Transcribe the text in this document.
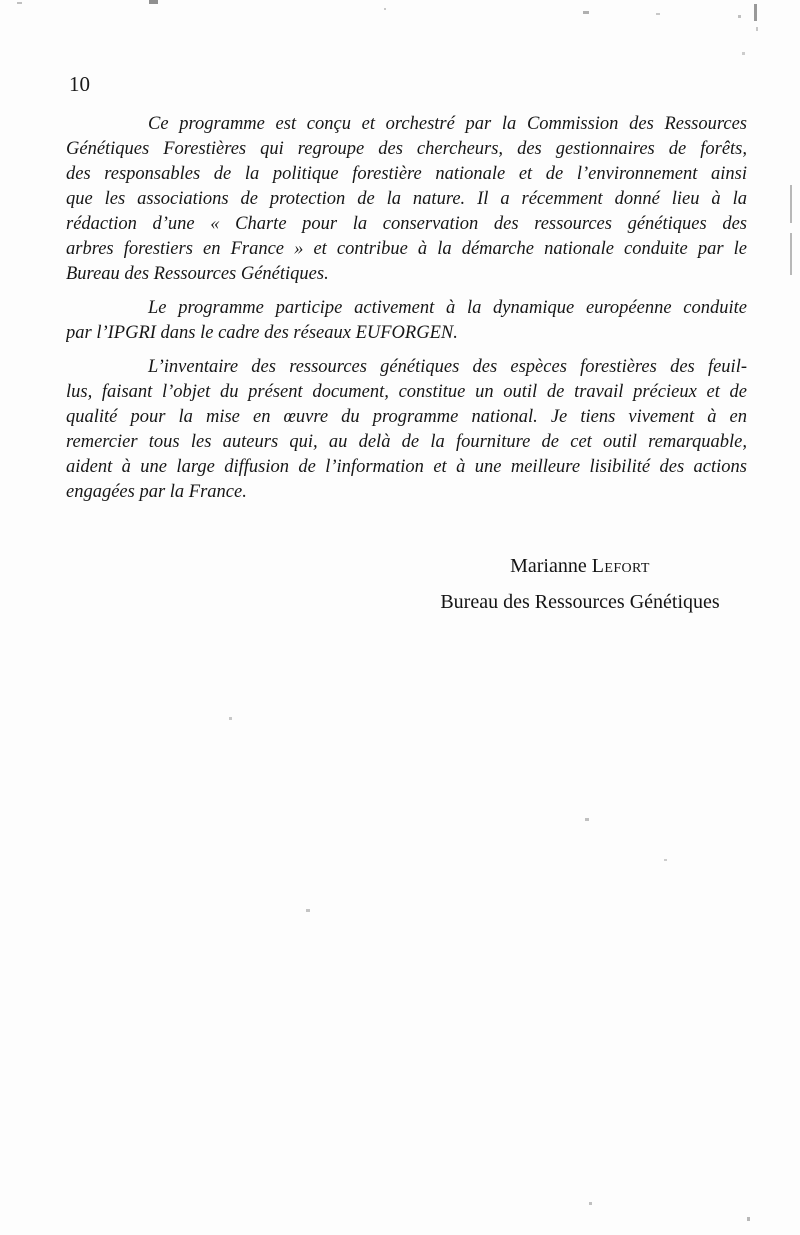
10
Ce programme est conçu et orchestré par la Commission des Ressources
Génétiques Forestières qui regroupe des chercheurs, des gestionnaires de forêts,
des responsables de la politique forestière nationale et de l’environnement ainsi
que les associations de protection de la nature. Il a récemment donné lieu à la
rédaction d’une « Charte pour la conservation des ressources génétiques des
arbres forestiers en France » et contribue à la démarche nationale conduite par le
Bureau des Ressources Génétiques.
Le programme participe activement à la dynamique européenne conduite
par l’IPGRI dans le cadre des réseaux EUFORGEN.
L’inventaire des ressources génétiques des espèces forestières des feuil-
lus, faisant l’objet du présent document, constitue un outil de travail précieux et de
qualité pour la mise en œuvre du programme national. Je tiens vivement à en
remercier tous les auteurs qui, au delà de la fourniture de cet outil remarquable,
aident à une large diffusion de l’information et à une meilleure lisibilité des actions
engagées par la France.
Marianne Lefort
Bureau des Ressources Génétiques
